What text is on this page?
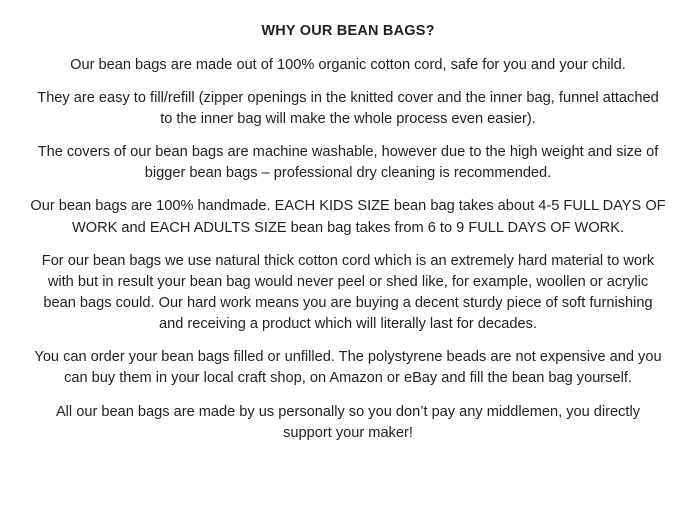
WHY OUR BEAN BAGS?

Our bean bags are made out of 100% organic cotton cord, safe for you and your child.

They are easy to fill/refill (zipper openings in the knitted cover and the inner bag, funnel attached to the inner bag will make the whole process even easier).

The covers of our bean bags are machine washable, however due to the high weight and size of bigger bean bags – professional dry cleaning is recommended.

Our bean bags are 100% handmade. EACH KIDS SIZE bean bag takes about 4-5 FULL DAYS OF WORK and EACH ADULTS SIZE bean bag takes from 6 to 9 FULL DAYS OF WORK.

For our bean bags we use natural thick cotton cord which is an extremely hard material to work with but in result your bean bag would never peel or shed like, for example, woollen or acrylic bean bags could. Our hard work means you are buying a decent sturdy piece of soft furnishing and receiving a product which will literally last for decades.

You can order your bean bags filled or unfilled. The polystyrene beads are not expensive and you can buy them in your local craft shop, on Amazon or eBay and fill the bean bag yourself.

All our bean bags are made by us personally so you don’t pay any middlemen, you directly support your maker!
